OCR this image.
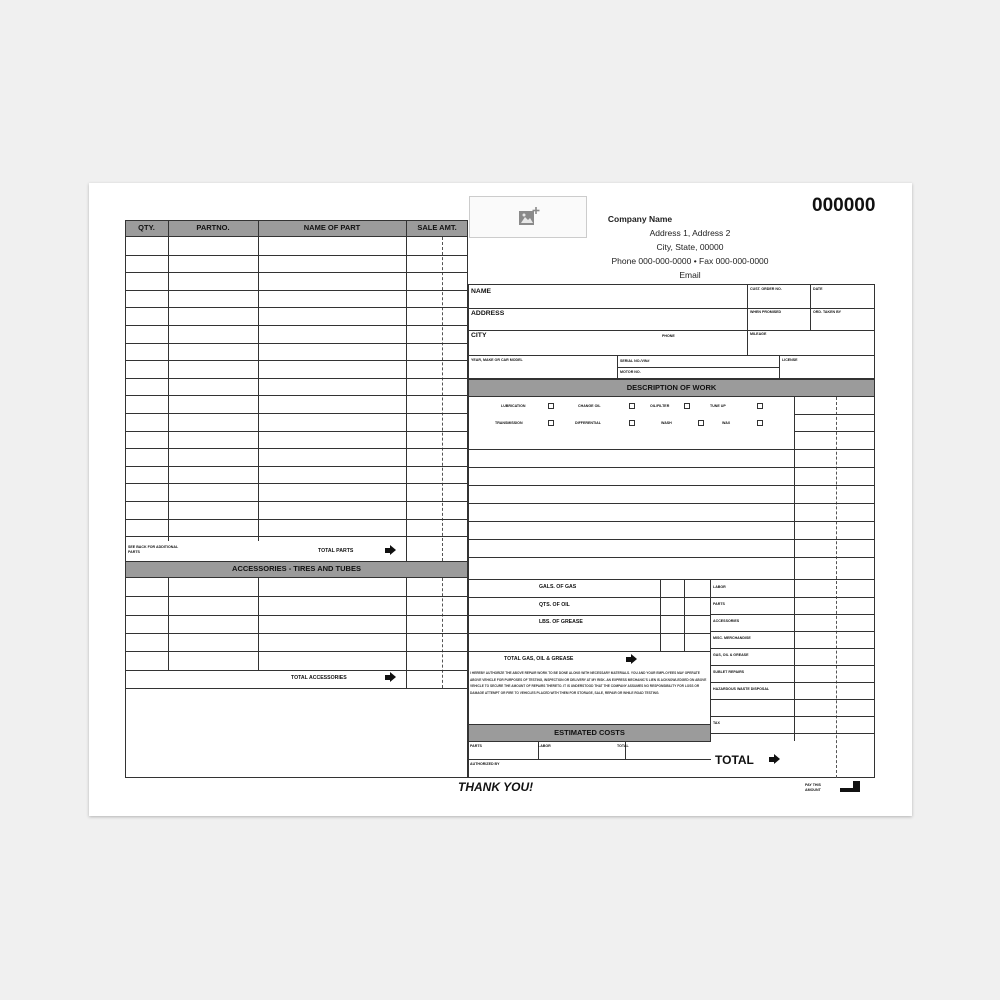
000000
Company Name
Address 1, Address 2
City, State, 00000
Phone 000-000-0000 • Fax 000-000-0000
Email
QTY.	PARTNO.	NAME OF PART	SALE AMT.
SEE BACK FOR ADDITIONAL PARTS	TOTAL PARTS
ACCESSORIES - TIRES AND TUBES
TOTAL ACCESSORIES
NAME
ADDRESS
CITY	PHONE
CUST. ORDER NO.	DATE
WHEN PROMISED	ORD. TAKEN BY
MILEAGE
YEAR, MAKE OR CAR MODEL	SERIAL NO./VIN#
MOTOR NO.
LICENSE
DESCRIPTION OF WORK
LUBRICATION	CHANGE OIL	OIL/FILTER	TUNE UP
TRANSMISSION	DIFFERENTIAL	WASH	WAX
GALS. OF GAS
QTS. OF OIL
LBS. OF GREASE
TOTAL GAS, OIL & GREASE
LABOR
PARTS
ACCESSORIES
MISC. MERCHANDISE
GAS, OIL & GREASE
SUBLET REPAIRS
HAZARDOUS WASTE DISPOSAL
TAX
I HEREBY AUTHORIZE THE ABOVE REPAIR WORK TO BE DONE ALONG WITH NECESSARY MATERIALS. YOU AND YOUR EMPLOYEES MAY OPERATE ABOVE VEHICLE FOR PURPOSES OF TESTING, INSPECTION OR DELIVERY AT MY RISK. AN EXPRESS MECHANIC'S LIEN IS ACKNOWLEDGED ON ABOVE VEHICLE TO SECURE THE AMOUNT OF REPAIRS THERETO. IT IS UNDERSTOOD THAT THE COMPANY ASSUMES NO RESPONSIBILITY FOR LOSS OR DAMAGE ATTEMPT OR FIRE TO VEHICLES PLACED WITH THEM FOR STORAGE, SALE, REPAIR OR WHILE ROAD TESTING.
ESTIMATED COSTS
PARTS	LABOR	TOTAL
AUTHORIZED BY	TOTAL
THANK YOU!	PAY THIS AMOUNT
